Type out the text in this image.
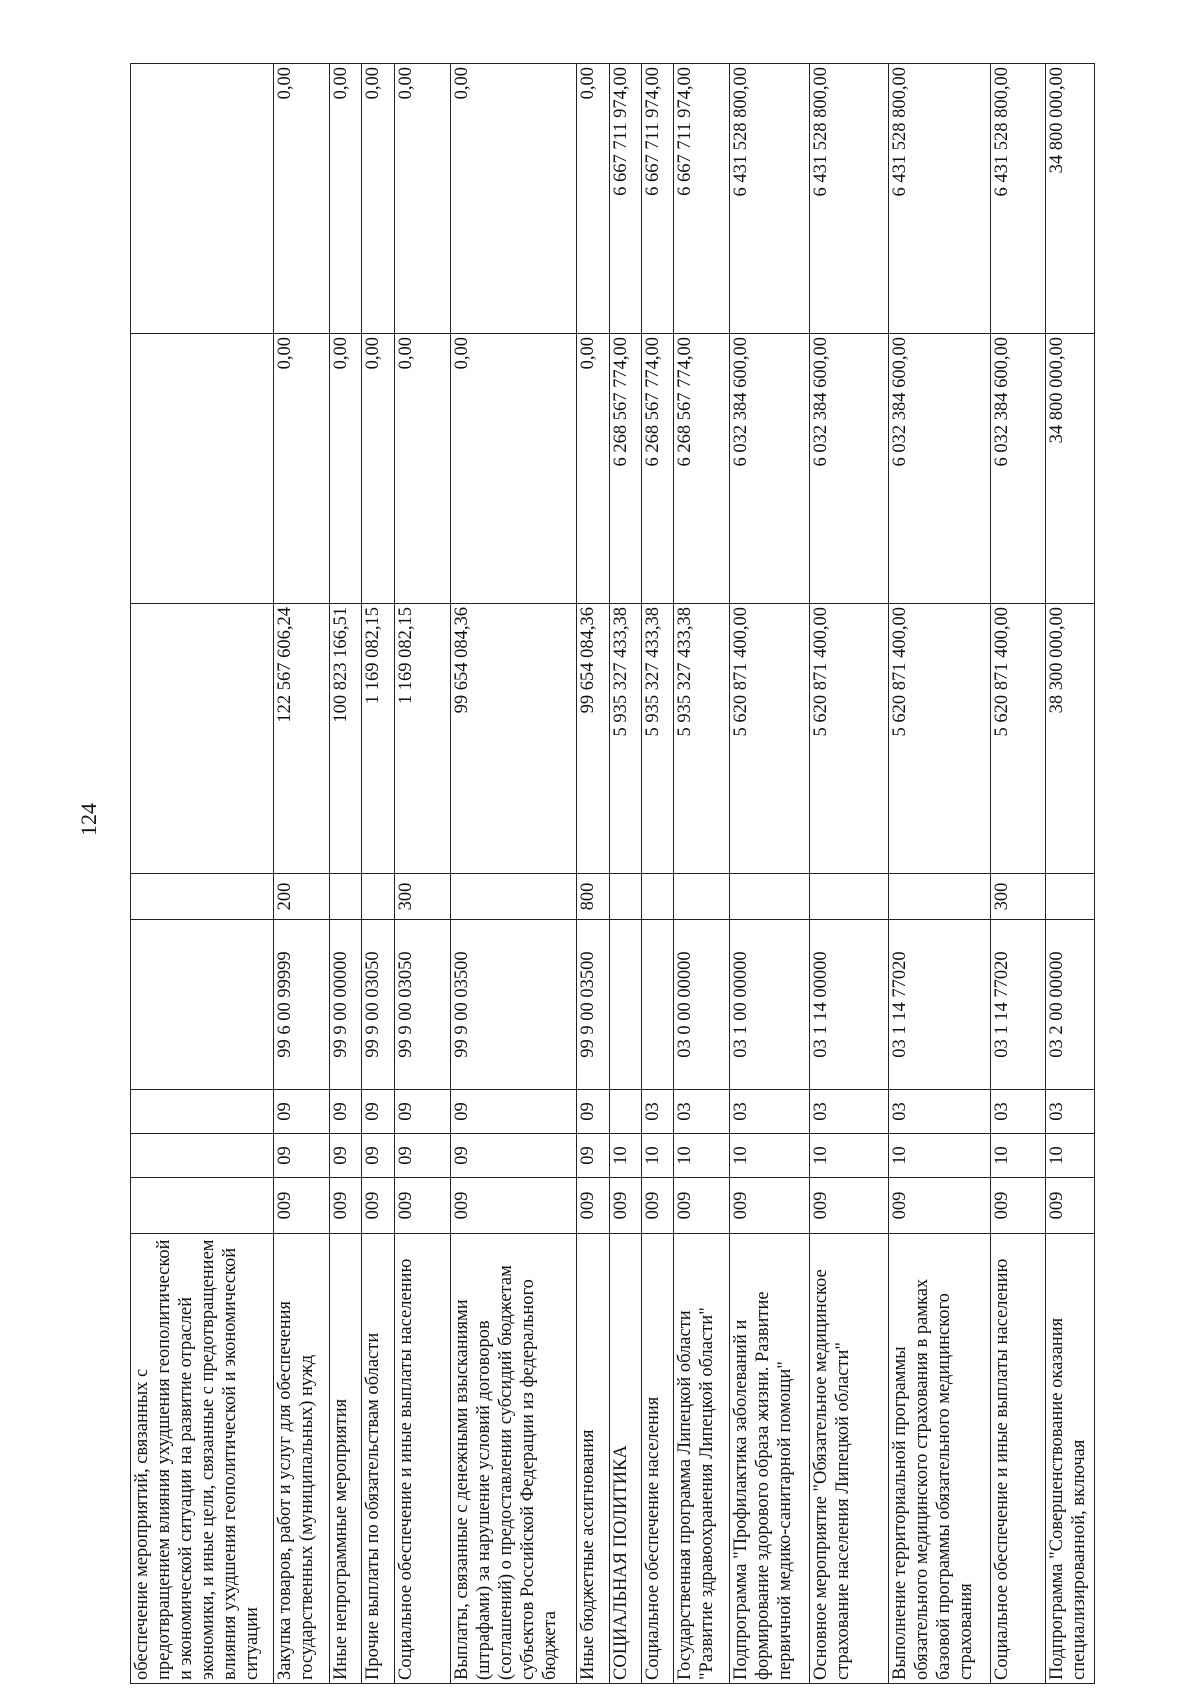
124
обеспечение мероприятий, связанных с предотвращением влияния ухудшения геополитической и экономической ситуации на развитие отраслей экономики, и иные цели, связанные с предотвращением влияния ухудшения геополитической и экономической ситуации								
Закупка товаров, работ и услуг для обеспечения государственных (муниципальных) нужд	009	09	09	99 6 00 99999	200	122 567 606,24	0,00	0,00
Иные непрограммные мероприятия	009	09	09	99 9 00 00000		100 823 166,51	0,00	0,00
Прочие выплаты по обязательствам области	009	09	09	99 9 00 03050		1 169 082,15	0,00	0,00
Социальное обеспечение и иные выплаты населению	009	09	09	99 9 00 03050	300	1 169 082,15	0,00	0,00
Выплаты, связанные с денежными взысканиями (штрафами) за нарушение условий договоров (соглашений) о предоставлении субсидий бюджетам субъектов Российской Федерации из федерального бюджета	009	09	09	99 9 00 03500		99 654 084,36	0,00	0,00
Иные бюджетные ассигнования	009	09	09	99 9 00 03500	800	99 654 084,36	0,00	0,00
СОЦИАЛЬНАЯ ПОЛИТИКА	009	10				5 935 327 433,38	6 268 567 774,00	6 667 711 974,00
Социальное обеспечение населения	009	10	03			5 935 327 433,38	6 268 567 774,00	6 667 711 974,00
Государственная программа Липецкой области "Развитие здравоохранения Липецкой области"	009	10	03	03 0 00 00000		5 935 327 433,38	6 268 567 774,00	6 667 711 974,00
Подпрограмма "Профилактика заболеваний и формирование здорового образа жизни. Развитие первичной медико-санитарной помощи"	009	10	03	03 1 00 00000		5 620 871 400,00	6 032 384 600,00	6 431 528 800,00
Основное мероприятие "Обязательное медицинское страхование населения Липецкой области"	009	10	03	03 1 14 00000		5 620 871 400,00	6 032 384 600,00	6 431 528 800,00
Выполнение территориальной программы обязательного медицинского страхования в рамках базовой программы обязательного медицинского страхования	009	10	03	03 1 14 77020		5 620 871 400,00	6 032 384 600,00	6 431 528 800,00
Социальное обеспечение и иные выплаты населению	009	10	03	03 1 14 77020	300	5 620 871 400,00	6 032 384 600,00	6 431 528 800,00
Подпрограмма "Совершенствование оказания специализированной, включая	009	10	03	03 2 00 00000		38 300 000,00	34 800 000,00	34 800 000,00
